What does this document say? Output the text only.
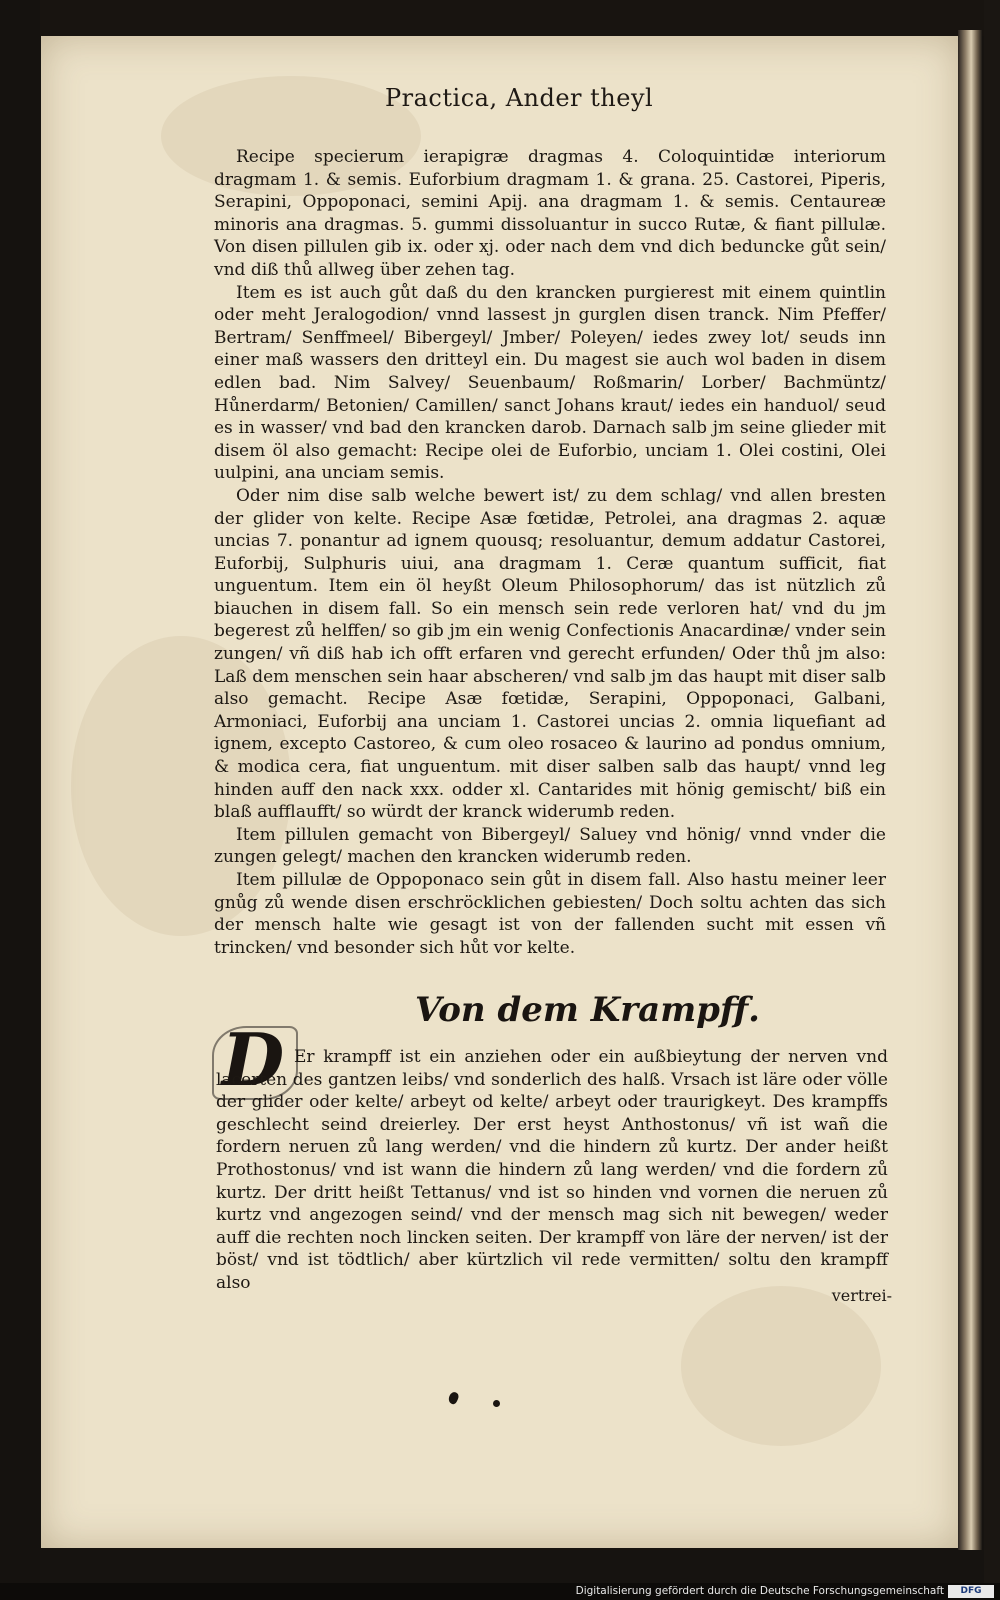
Practica, Ander theyl

Recipe specierum ierapigræ dragmas 4. Coloquintidæ interiorum dragmam 1. & semis. Euforbium dragmam 1. & grana. 25. Castorei, Piperis, Serapini, Oppoponaci, semini Apij. ana dragmam 1. & semis. Centaureæ minoris ana dragmas. 5. gummi dissoluantur in succo Rutæ, & fiant pillulæ. Von disen pillulen gib ix. oder xj. oder nach dem vnd dich beduncke gůt sein/ vnd diß thů allweg über zehen tag.

Item es ist auch gůt daß du den krancken purgierest mit einem quintlin oder meht Jeralogodion/ vnnd lassest jn gurglen disen tranck. Nim Pfeffer/ Bertram/ Senffmeel/ Bibergeyl/ Jmber/ Poleyen/ iedes zwey lot/ seuds inn einer maß wassers den dritteyl ein. Du magest sie auch wol baden in disem edlen bad. Nim Salvey/ Seuenbaum/ Roßmarin/ Lorber/ Bachmüntz/ Hůnerdarm/ Betonien/ Camillen/ sanct Johans kraut/ iedes ein handuol/ seud es in wasser/ vnd bad den krancken darob. Darnach salb jm seine glieder mit disem öl also gemacht: Recipe olei de Euforbio, unciam 1. Olei costini, Olei uulpini, ana unciam semis.

Oder nim dise salb welche bewert ist/ zu dem schlag/ vnd allen bresten der glider von kelte. Recipe Asæ fœtidæ, Petrolei, ana dragmas 2. aquæ uncias 7. ponantur ad ignem quousq; resoluantur, demum addatur Castorei, Euforbij, Sulphuris uiui, ana dragmam 1. Ceræ quantum sufficit, fiat unguentum. Item ein öl heyßt Oleum Philosophorum/ das ist nützlich zů biauchen in disem fall. So ein mensch sein rede verloren hat/ vnd du jm begerest zů helffen/ so gib jm ein wenig Confectionis Anacardinæ/ vnder sein zungen/ vñ diß hab ich offt erfaren vnd gerecht erfunden/ Oder thů jm also: Laß dem menschen sein haar abscheren/ vnd salb jm das haupt mit diser salb also gemacht. Recipe Asæ fœtidæ, Serapini, Oppoponaci, Galbani, Armoniaci, Euforbij ana unciam 1. Castorei uncias 2. omnia liquefiant ad ignem, excepto Castoreo, & cum oleo rosaceo & laurino ad pondus omnium, & modica cera, fiat unguentum. mit diser salben salb das haupt/ vnnd leg hinden auff den nack xxx. odder xl. Cantarides mit hönig gemischt/ biß ein blaß aufflaufft/ so würdt der kranck widerumb reden.

Item pillulen gemacht von Bibergeyl/ Saluey vnd hönig/ vnnd vnder die zungen gelegt/ machen den krancken widerumb reden.

Item pillulæ de Oppoponaco sein gůt in disem fall. Also hastu meiner leer gnůg zů wende disen erschröcklichen gebiesten/ Doch soltu achten das sich der mensch halte wie gesagt ist von der fallenden sucht mit essen vñ trincken/ vnd besonder sich hůt vor kelte.

Von dem Krampff.
D Er krampff ist ein anziehen oder ein außbieytung der nerven vnd lacerten des gantzen leibs/ vnd sonderlich des halß. Vrsach ist läre oder völle der glider oder kelte/ arbeyt od kelte/ arbeyt oder traurigkeyt. Des krampffs geschlecht seind dreierley. Der erst heyst Anthostonus/ vñ ist wañ die fordern neruen zů lang werden/ vnd die hindern zů kurtz. Der ander heißt Prothostonus/ vnd ist wann die hindern zů lang werden/ vnd die fordern zů kurtz. Der dritt heißt Tettanus/ vnd ist so hinden vnd vornen die neruen zů kurtz vnd angezogen seind/ vnd der mensch mag sich nit bewegen/ weder auff die rechten noch lincken seiten. Der krampff von läre der nerven/ ist der böst/ vnd ist tödtlich/ aber kürtzlich vil rede vermitten/ soltu den krampff also

vertrei-
Digitalisierung gefördert durch die Deutsche Forschungsgemeinschaft	DFG
